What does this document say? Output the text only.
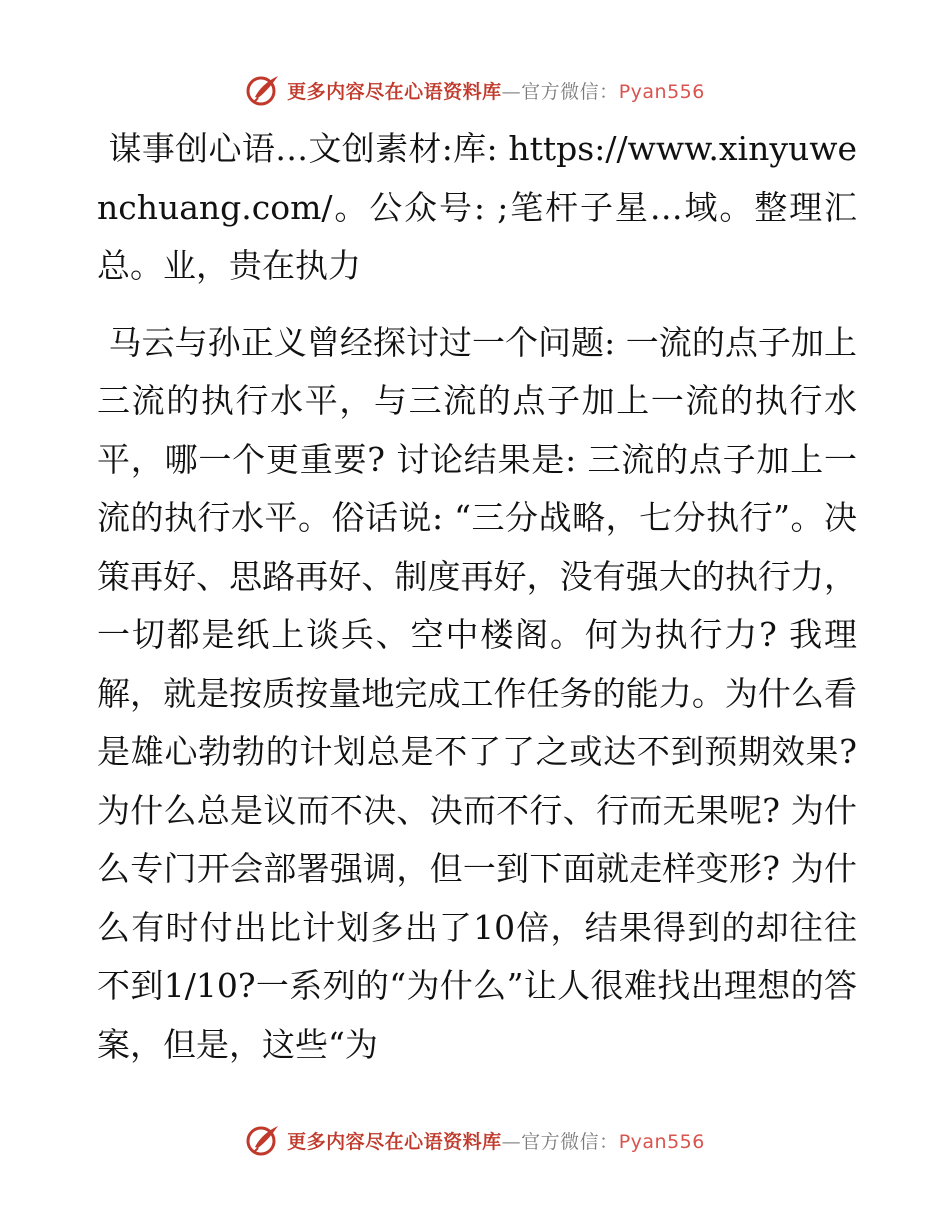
更多内容尽在心语资料库—官方微信：Pyan556

谋事创心语…文创素材:库: https://www.xinyuwenchuang.com/。公众号: ;笔杆子星…域。整理汇总。业，贵在执力

马云与孙正义曾经探讨过一个问题: 一流的点子加上三流的执行水平，与三流的点子加上一流的执行水平，哪一个更重要? 讨论结果是: 三流的点子加上一流的执行水平。俗话说: “三分战略，七分执行”。决策再好、思路再好、制度再好，没有强大的执行力，一切都是纸上谈兵、空中楼阁。何为执行力? 我理解，就是按质按量地完成工作任务的能力。为什么看是雄心勃勃的计划总是不了了之或达不到预期效果? 为什么总是议而不决、决而不行、行而无果呢? 为什么专门开会部署强调，但一到下面就走样变形? 为什么有时付出比计划多出了10倍，结果得到的却往往不到1/10?一系列的“为什么”让人很难找出理想的答案，但是，这些“为

更多内容尽在心语资料库—官方微信：Pyan556
